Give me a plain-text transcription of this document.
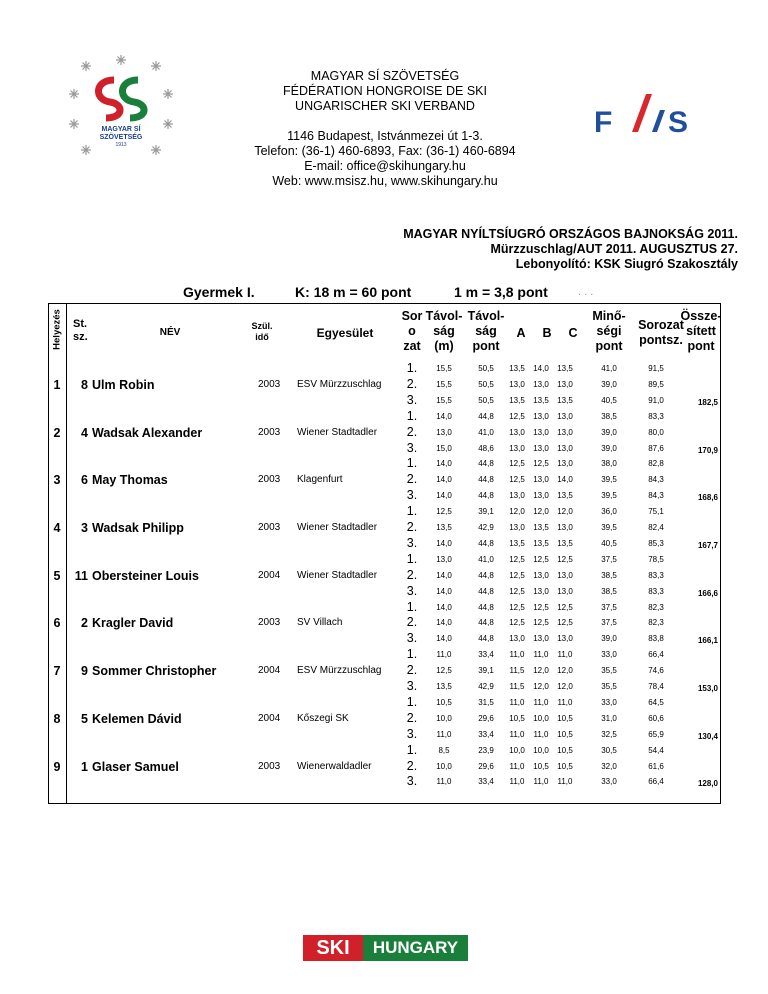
MAGYAR SÍ
SZÖVETSÉG
1913
F S
MAGYAR SÍ SZÖVETSÉG
FÉDÉRATION HONGROISE DE SKI
UNGARISCHER SKI VERBAND
1146 Budapest, Istvánmezei út 1-3.
Telefon: (36-1) 460-6893, Fax: (36-1) 460-6894
E-mail: office@skihungary.hu
Web: www.msisz.hu, www.skihungary.hu
MAGYAR NYÍLTSÍUGRÓ ORSZÁGOS BAJNOKSÁG 2011.
Mürzzuschlag/AUT 2011. AUGUSZTUS 27.
Lebonyolító: KSK Siugró Szakosztály
Gyermek I.	K: 18 m = 60 pont	1 m = 3,8 pont	. . .
Helyezés St. sz.	NÉV
Szül. idő	Egyesület
Sor
o
zat
Távol-
ság
(m)
Távol-
ság
pont
A	B	C
Minő-
ségi
pont
Sorozat
pontsz.
Össze-
sített
pont
1	8 Ulm Robin	2003 ESV Mürzzuschlag
1.	15,5	50,5	13,5	14,0	13,5	41,0	91,5
2.	15,5	50,5	13,0	13,0	13,0	39,0	89,5
3.	15,5	50,5	13,5	13,5	13,5	40,5	91,0	182,5
2	4 Wadsak Alexander	2003 Wiener Stadtadler
1.	14,0	44,8	12,5	13,0	13,0	38,5	83,3
2.	13,0	41,0	13,0	13,0	13,0	39,0	80,0
3.	15,0	48,6	13,0	13,0	13,0	39,0	87,6	170,9
3	6 May Thomas	2003 Klagenfurt
1.	14,0	44,8	12,5	12,5	13,0	38,0	82,8
2.	14,0	44,8	12,5	13,0	14,0	39,5	84,3
3.	14,0	44,8	13,0	13,0	13,5	39,5	84,3	168,6
4	3 Wadsak Philipp	2003 Wiener Stadtadler
1.	12,5	39,1	12,0	12,0	12,0	36,0	75,1
2.	13,5	42,9	13,0	13,5	13,0	39,5	82,4
3.	14,0	44,8	13,5	13,5	13,5	40,5	85,3	167,7
5	11 Obersteiner Louis	2004 Wiener Stadtadler
1.	13,0	41,0	12,5	12,5	12,5	37,5	78,5
2.	14,0	44,8	12,5	13,0	13,0	38,5	83,3
3.	14,0	44,8	12,5	13,0	13,0	38,5	83,3	166,6
6	2 Kragler David	2003 SV Villach
1.	14,0	44,8	12,5	12,5	12,5	37,5	82,3
2.	14,0	44,8	12,5	12,5	12,5	37,5	82,3
3.	14,0	44,8	13,0	13,0	13,0	39,0	83,8	166,1
7	9 Sommer Christopher	2004 ESV Mürzzuschlag
1.	11,0	33,4	11,0	11,0	11,0	33,0	66,4
2.	12,5	39,1	11,5	12,0	12,0	35,5	74,6
3.	13,5	42,9	11,5	12,0	12,0	35,5	78,4	153,0
8	5 Kelemen Dávid	2004 Kőszegi SK
1.	10,5	31,5	11,0	11,0	11,0	33,0	64,5
2.	10,0	29,6	10,5	10,0	10,5	31,0	60,6
3.	11,0	33,4	11,0	11,0	10,5	32,5	65,9	130,4
9	1 Glaser Samuel	2003 Wienerwaldadler
1.	8,5	23,9	10,0	10,0	10,5	30,5	54,4
2.	10,0	29,6	11,0	10,5	10,5	32,0	61,6
3.	11,0	33,4	11,0	11,0	11,0	33,0	66,4	128,0
SKI	HUNGARY
